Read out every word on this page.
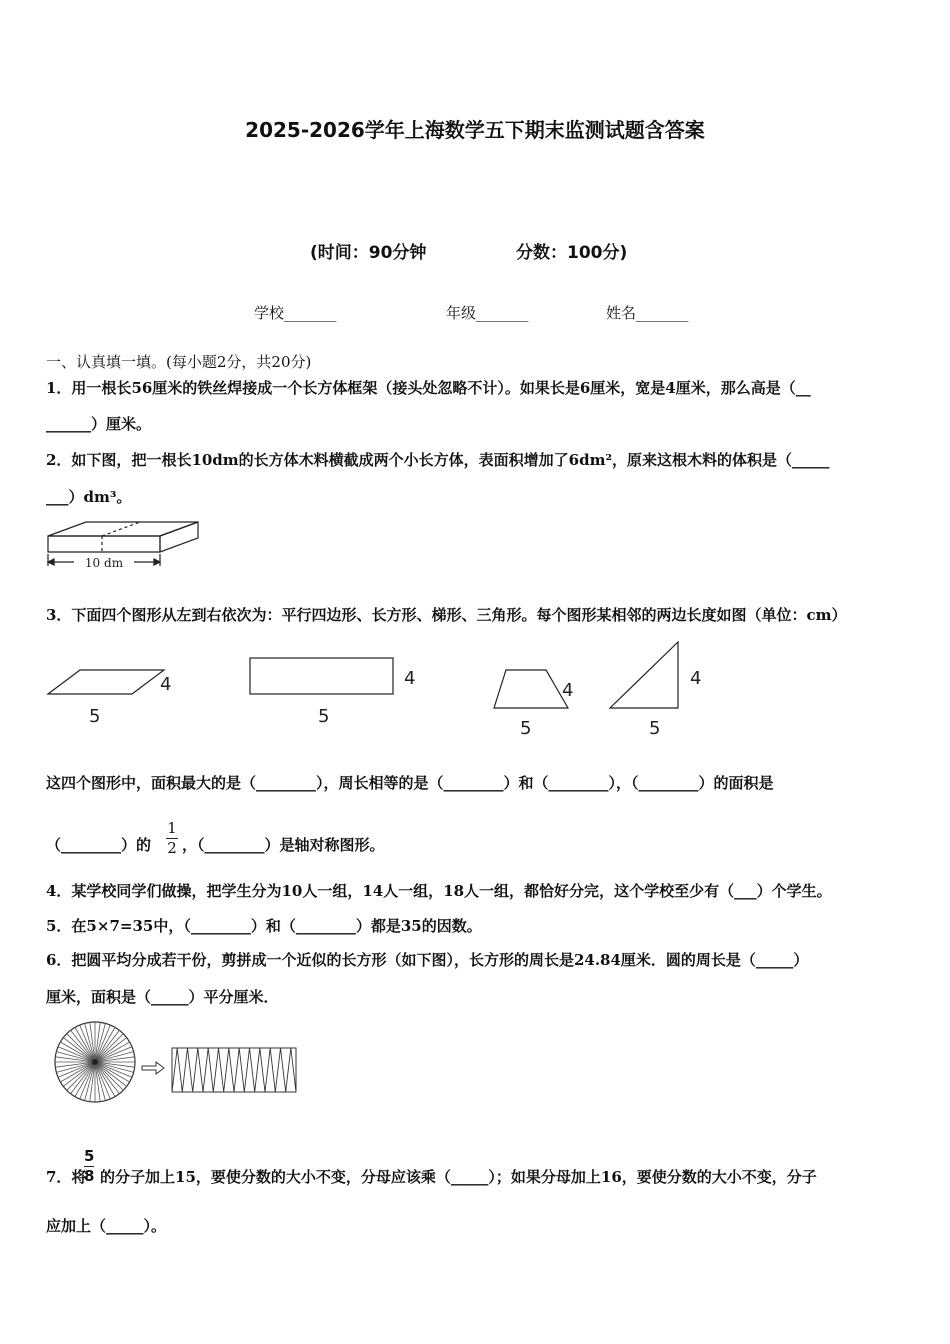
2025-2026学年上海数学五下期末监测试题含答案
(时间：90分钟	分数：100分)
学校_______	年级_______	姓名_______
一、认真填一填。(每小题2分，共20分)
1．用一根长56厘米的铁丝焊接成一个长方体框架（接头处忽略不计）。如果长是6厘米，宽是4厘米，那么高是（__
______）厘米。
2．如下图，把一根长10dm的长方体木料横截成两个小长方体，表面积增加了6dm²，原来这根木料的体积是（_____
___）dm³。
10 dm
3．下面四个图形从左到右依次为：平行四边形、长方形、梯形、三角形。每个图形某相邻的两边长度如图（单位：cm）
4
5
4
5
4
5
4
5
这四个图形中，面积最大的是（________），周长相等的是（________）和（________），（________）的面积是
（________）的
1
2 ，（________）是轴对称图形。
4．某学校同学们做操，把学生分为10人一组，14人一组，18人一组，都恰好分完，这个学校至少有（___）个学生。
5．在5×7=35中，（________）和（________）都是35的因数。
6．把圆平均分成若干份，剪拼成一个近似的长方形（如下图），长方形的周长是24.84厘米．圆的周长是（_____）
厘米，面积是（_____）平分厘米．
7．将
5
8 的分子加上15，要使分数的大小不变，分母应该乘（_____）；如果分母加上16，要使分数的大小不变，分子
应加上（_____）。
